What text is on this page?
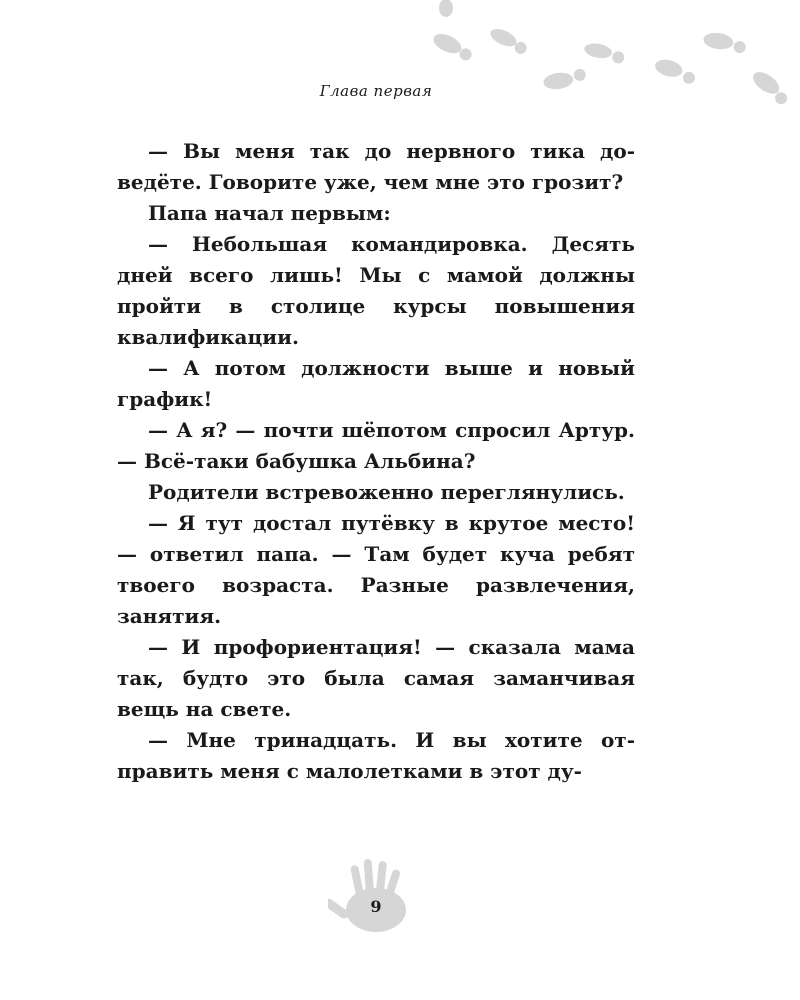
Глава первая

— Вы меня так до нервного тика доведёте. Говорите уже, чем мне это грозит?

Папа начал первым:

— Небольшая командировка. Десять дней всего лишь! Мы с мамой должны пройти в столице курсы повышения квалификации.

— А потом должности выше и новый график!

— А я? — почти шёпотом спросил Артур. — Всё-таки бабушка Альбина?

Родители встревоженно переглянулись.

— Я тут достал путёвку в крутое место! — ответил папа. — Там будет куча ребят твоего возраста. Разные развлечения, занятия.

— И профориентация! — сказала мама так, будто это была самая заманчивая вещь на свете.

— Мне тринадцать. И вы хотите отправить меня с малолетками в этот ду-

9
